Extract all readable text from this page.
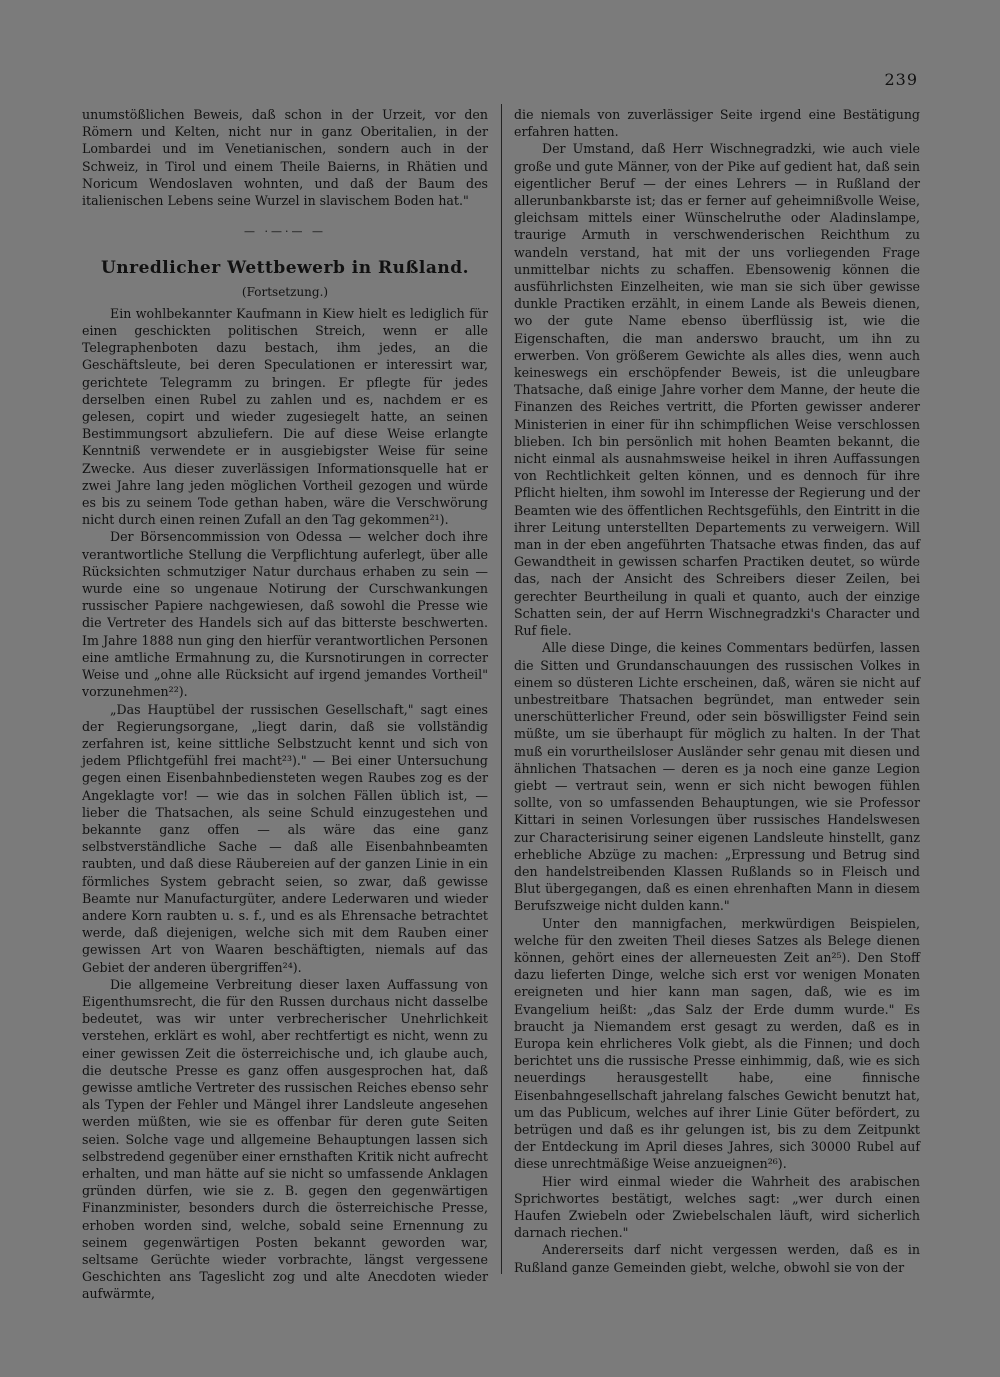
239

unumstößlichen Beweis, daß schon in der Urzeit, vor den Römern und Kelten, nicht nur in ganz Oberitalien, in der Lombardei und im Venetianischen, sondern auch in der Schweiz, in Tirol und einem Theile Baierns, in Rhätien und Noricum Wendoslaven wohnten, und daß der Baum des italienischen Lebens seine Wurzel in slavischem Boden hat."

— ·—·— —
Unredlicher Wettbewerb in Rußland.
(Fortsetzung.)

Ein wohlbekannter Kaufmann in Kiew hielt es lediglich für einen geschickten politischen Streich, wenn er alle Telegraphenboten dazu bestach, ihm jedes, an die Geschäftsleute, bei deren Speculationen er interessirt war, gerichtete Telegramm zu bringen. Er pflegte für jedes derselben einen Rubel zu zahlen und es, nachdem er es gelesen, copirt und wieder zugesiegelt hatte, an seinen Bestimmungsort abzuliefern. Die auf diese Weise erlangte Kenntniß verwendete er in ausgiebigster Weise für seine Zwecke. Aus dieser zuverlässigen Informationsquelle hat er zwei Jahre lang jeden möglichen Vortheil gezogen und würde es bis zu seinem Tode gethan haben, wäre die Verschwörung nicht durch einen reinen Zufall an den Tag gekommen²¹).

Der Börsencommission von Odessa — welcher doch ihre verantwortliche Stellung die Verpflichtung auferlegt, über alle Rücksichten schmutziger Natur durchaus erhaben zu sein — wurde eine so ungenaue Notirung der Curschwankungen russischer Papiere nachgewiesen, daß sowohl die Presse wie die Vertreter des Handels sich auf das bitterste beschwerten. Im Jahre 1888 nun ging den hierfür verantwortlichen Personen eine amtliche Ermahnung zu, die Kursnotirungen in correcter Weise und „ohne alle Rücksicht auf irgend jemandes Vortheil" vorzunehmen²²).

„Das Hauptübel der russischen Gesellschaft," sagt eines der Regierungsorgane, „liegt darin, daß sie vollständig zerfahren ist, keine sittliche Selbstzucht kennt und sich von jedem Pflichtgefühl frei macht²³)." — Bei einer Untersuchung gegen einen Eisenbahnbediensteten wegen Raubes zog es der Angeklagte vor! — wie das in solchen Fällen üblich ist, — lieber die Thatsachen, als seine Schuld einzugestehen und bekannte ganz offen — als wäre das eine ganz selbstverständliche Sache — daß alle Eisenbahnbeamten raubten, und daß diese Räubereien auf der ganzen Linie in ein förmliches System gebracht seien, so zwar, daß gewisse Beamte nur Manufacturgüter, andere Lederwaren und wieder andere Korn raubten u. s. f., und es als Ehrensache betrachtet werde, daß diejenigen, welche sich mit dem Rauben einer gewissen Art von Waaren beschäftigten, niemals auf das Gebiet der anderen übergriffen²⁴).

Die allgemeine Verbreitung dieser laxen Auffassung von Eigenthumsrecht, die für den Russen durchaus nicht dasselbe bedeutet, was wir unter verbrecherischer Unehrlichkeit verstehen, erklärt es wohl, aber rechtfertigt es nicht, wenn zu einer gewissen Zeit die österreichische und, ich glaube auch, die deutsche Presse es ganz offen ausgesprochen hat, daß gewisse amtliche Vertreter des russischen Reiches ebenso sehr als Typen der Fehler und Mängel ihrer Landsleute angesehen werden müßten, wie sie es offenbar für deren gute Seiten seien. Solche vage und allgemeine Behauptungen lassen sich selbstredend gegenüber einer ernsthaften Kritik nicht aufrecht erhalten, und man hätte auf sie nicht so umfassende Anklagen gründen dürfen, wie sie z. B. gegen den gegenwärtigen Finanzminister, besonders durch die österreichische Presse, erhoben worden sind, welche, sobald seine Ernennung zu seinem gegenwärtigen Posten bekannt geworden war, seltsame Gerüchte wieder vorbrachte, längst vergessene Geschichten ans Tageslicht zog und alte Anecdoten wieder aufwärmte,

die niemals von zuverlässiger Seite irgend eine Bestätigung erfahren hatten.

Der Umstand, daß Herr Wischnegradzki, wie auch viele große und gute Männer, von der Pike auf gedient hat, daß sein eigentlicher Beruf — der eines Lehrers — in Rußland der allerunbankbarste ist; das er ferner auf geheimnißvolle Weise, gleichsam mittels einer Wünschelruthe oder Aladinslampe, traurige Armuth in verschwenderischen Reichthum zu wandeln verstand, hat mit der uns vorliegenden Frage unmittelbar nichts zu schaffen. Ebensowenig können die ausführlichsten Einzelheiten, wie man sie sich über gewisse dunkle Practiken erzählt, in einem Lande als Beweis dienen, wo der gute Name ebenso überflüssig ist, wie die Eigenschaften, die man anderswo braucht, um ihn zu erwerben. Von größerem Gewichte als alles dies, wenn auch keineswegs ein erschöpfender Beweis, ist die unleugbare Thatsache, daß einige Jahre vorher dem Manne, der heute die Finanzen des Reiches vertritt, die Pforten gewisser anderer Ministerien in einer für ihn schimpflichen Weise verschlossen blieben. Ich bin persönlich mit hohen Beamten bekannt, die nicht einmal als ausnahmsweise heikel in ihren Auffassungen von Rechtlichkeit gelten können, und es dennoch für ihre Pflicht hielten, ihm sowohl im Interesse der Regierung und der Beamten wie des öffentlichen Rechtsgefühls, den Eintritt in die ihrer Leitung unterstellten Departements zu verweigern. Will man in der eben angeführten Thatsache etwas finden, das auf Gewandtheit in gewissen scharfen Practiken deutet, so würde das, nach der Ansicht des Schreibers dieser Zeilen, bei gerechter Beurtheilung in quali et quanto, auch der einzige Schatten sein, der auf Herrn Wischnegradzki's Character und Ruf fiele.

Alle diese Dinge, die keines Commentars bedürfen, lassen die Sitten und Grundanschauungen des russischen Volkes in einem so düsteren Lichte erscheinen, daß, wären sie nicht auf unbestreitbare Thatsachen begründet, man entweder sein unerschütterlicher Freund, oder sein böswilligster Feind sein müßte, um sie überhaupt für möglich zu halten. In der That muß ein vorurtheilsloser Ausländer sehr genau mit diesen und ähnlichen Thatsachen — deren es ja noch eine ganze Legion giebt — vertraut sein, wenn er sich nicht bewogen fühlen sollte, von so umfassenden Behauptungen, wie sie Professor Kittari in seinen Vorlesungen über russisches Handelswesen zur Characterisirung seiner eigenen Landsleute hinstellt, ganz erhebliche Abzüge zu machen: „Erpressung und Betrug sind den handelstreibenden Klassen Rußlands so in Fleisch und Blut übergegangen, daß es einen ehrenhaften Mann in diesem Berufszweige nicht dulden kann."

Unter den mannigfachen, merkwürdigen Beispielen, welche für den zweiten Theil dieses Satzes als Belege dienen können, gehört eines der allerneuesten Zeit an²⁵). Den Stoff dazu lieferten Dinge, welche sich erst vor wenigen Monaten ereigneten und hier kann man sagen, daß, wie es im Evangelium heißt: „das Salz der Erde dumm wurde." Es braucht ja Niemandem erst gesagt zu werden, daß es in Europa kein ehrlicheres Volk giebt, als die Finnen; und doch berichtet uns die russische Presse einhimmig, daß, wie es sich neuerdings herausgestellt habe, eine finnische Eisenbahngesellschaft jahrelang falsches Gewicht benutzt hat, um das Publicum, welches auf ihrer Linie Güter befördert, zu betrügen und daß es ihr gelungen ist, bis zu dem Zeitpunkt der Entdeckung im April dieses Jahres, sich 30000 Rubel auf diese unrechtmäßige Weise anzueignen²⁶).

Hier wird einmal wieder die Wahrheit des arabischen Sprichwortes bestätigt, welches sagt: „wer durch einen Haufen Zwiebeln oder Zwiebelschalen läuft, wird sicherlich darnach riechen."

Andererseits darf nicht vergessen werden, daß es in Rußland ganze Gemeinden giebt, welche, obwohl sie von der
